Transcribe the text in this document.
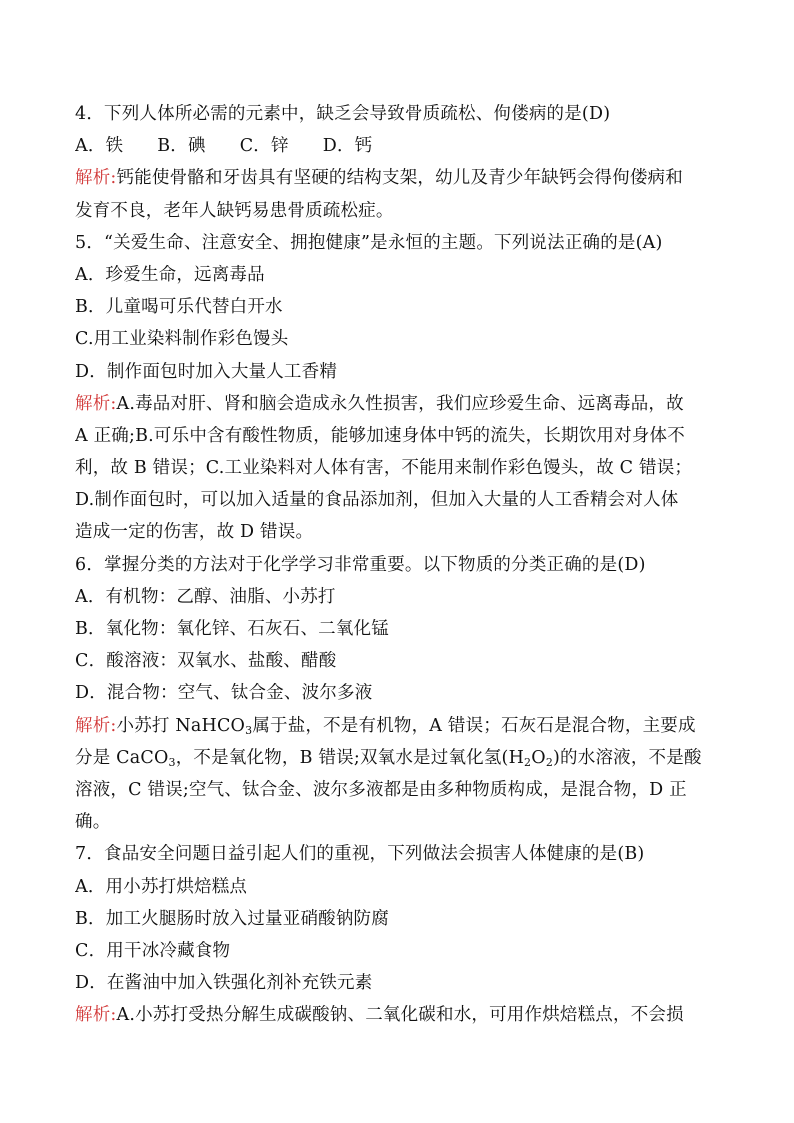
4．下列人体所必需的元素中，缺乏会导致骨质疏松、佝偻病的是(D)
A．铁 B．碘 C．锌 D．钙
解析:钙能使骨骼和牙齿具有坚硬的结构支架，幼儿及青少年缺钙会得佝偻病和
发育不良，老年人缺钙易患骨质疏松症。
5．“关爱生命、注意安全、拥抱健康”是永恒的主题。下列说法正确的是(A)
A．珍爱生命，远离毒品
B．儿童喝可乐代替白开水
C.用工业染料制作彩色馒头
D．制作面包时加入大量人工香精
解析:A.毒品对肝、肾和脑会造成永久性损害，我们应珍爱生命、远离毒品，故
A 正确;B.可乐中含有酸性物质，能够加速身体中钙的流失，长期饮用对身体不
利，故 B 错误；C.工业染料对人体有害，不能用来制作彩色馒头，故 C 错误；
D.制作面包时，可以加入适量的食品添加剂，但加入大量的人工香精会对人体
造成一定的伤害，故 D 错误。
6．掌握分类的方法对于化学学习非常重要。以下物质的分类正确的是(D)
A．有机物：乙醇、油脂、小苏打
B．氧化物：氧化锌、石灰石、二氧化锰
C．酸溶液：双氧水、盐酸、醋酸
D．混合物：空气、钛合金、波尔多液
解析:小苏打 NaHCO$_3$属于盐，不是有机物，A 错误；石灰石是混合物，主要成
分是 CaCO$_3$，不是氧化物，B 错误;双氧水是过氧化氢$(H_2O_2)$的水溶液，不是酸
溶液，C 错误;空气、钛合金、波尔多液都是由多种物质构成，是混合物，D 正
确。
7．食品安全问题日益引起人们的重视，下列做法会损害人体健康的是(B)
A．用小苏打烘焙糕点
B．加工火腿肠时放入过量亚硝酸钠防腐
C．用干冰冷藏食物
D．在酱油中加入铁强化剂补充铁元素
解析:A.小苏打受热分解生成碳酸钠、二氧化碳和水，可用作烘焙糕点，不会损
